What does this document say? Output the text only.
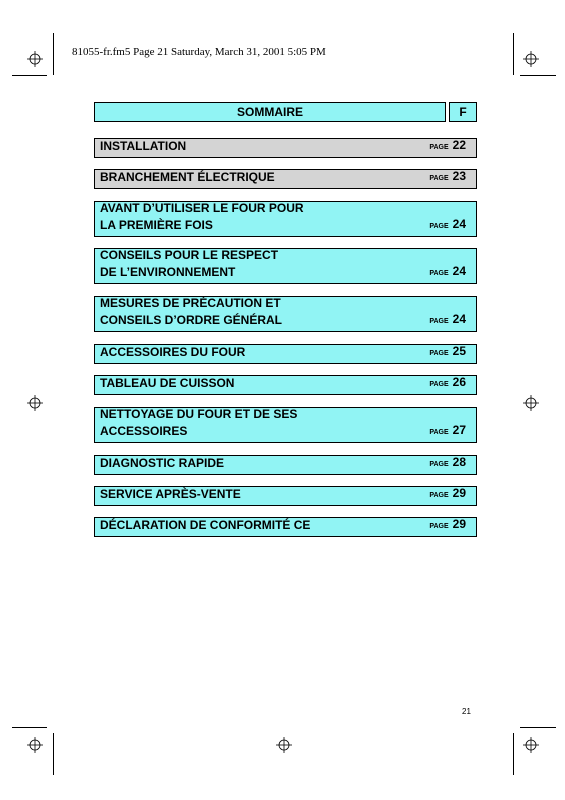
81055-fr.fm5 Page 21 Saturday, March 31, 2001 5:05 PM
SOMMAIRE	F
INSTALLATION	PAGE 22
BRANCHEMENT ÉLECTRIQUE	PAGE 23
AVANT D’UTILISER LE FOUR POUR
LA PREMIÈRE FOIS	PAGE 24
CONSEILS POUR LE RESPECT
DE L’ENVIRONNEMENT	PAGE 24
MESURES DE PRÉCAUTION ET
CONSEILS D’ORDRE GÉNÉRAL	PAGE 24
ACCESSOIRES DU FOUR	PAGE 25
TABLEAU DE CUISSON	PAGE 26
NETTOYAGE DU FOUR ET DE SES
ACCESSOIRES	PAGE 27
DIAGNOSTIC RAPIDE	PAGE 28
SERVICE APRÈS-VENTE	PAGE 29
DÉCLARATION DE CONFORMITÉ CE	PAGE 29
21
